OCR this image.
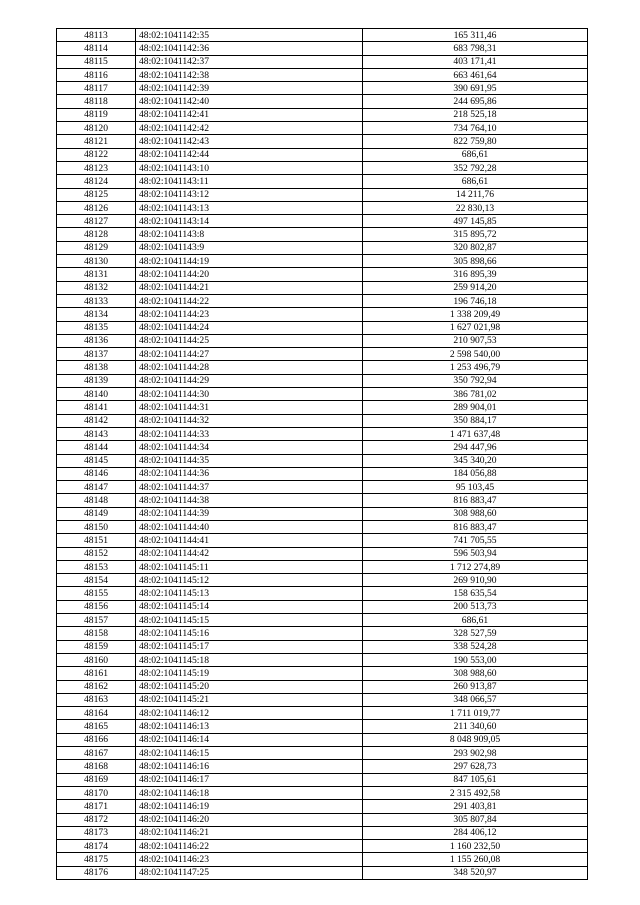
48113	48:02:1041142:35	165 311,46
48114	48:02:1041142:36	683 798,31
48115	48:02:1041142:37	403 171,41
48116	48:02:1041142:38	663 461,64
48117	48:02:1041142:39	390 691,95
48118	48:02:1041142:40	244 695,86
48119	48:02:1041142:41	218 525,18
48120	48:02:1041142:42	734 764,10
48121	48:02:1041142:43	822 759,80
48122	48:02:1041142:44	686,61
48123	48:02:1041143:10	352 792,28
48124	48:02:1041143:11	686,61
48125	48:02:1041143:12	14 211,76
48126	48:02:1041143:13	22 830,13
48127	48:02:1041143:14	497 145,85
48128	48:02:1041143:8	315 895,72
48129	48:02:1041143:9	320 802,87
48130	48:02:1041144:19	305 898,66
48131	48:02:1041144:20	316 895,39
48132	48:02:1041144:21	259 914,20
48133	48:02:1041144:22	196 746,18
48134	48:02:1041144:23	1 338 209,49
48135	48:02:1041144:24	1 627 021,98
48136	48:02:1041144:25	210 907,53
48137	48:02:1041144:27	2 598 540,00
48138	48:02:1041144:28	1 253 496,79
48139	48:02:1041144:29	350 792,94
48140	48:02:1041144:30	386 781,02
48141	48:02:1041144:31	289 904,01
48142	48:02:1041144:32	350 884,17
48143	48:02:1041144:33	1 471 637,48
48144	48:02:1041144:34	294 447,96
48145	48:02:1041144:35	345 340,20
48146	48:02:1041144:36	184 056,88
48147	48:02:1041144:37	95 103,45
48148	48:02:1041144:38	816 883,47
48149	48:02:1041144:39	308 988,60
48150	48:02:1041144:40	816 883,47
48151	48:02:1041144:41	741 705,55
48152	48:02:1041144:42	596 503,94
48153	48:02:1041145:11	1 712 274,89
48154	48:02:1041145:12	269 910,90
48155	48:02:1041145:13	158 635,54
48156	48:02:1041145:14	200 513,73
48157	48:02:1041145:15	686,61
48158	48:02:1041145:16	328 527,59
48159	48:02:1041145:17	338 524,28
48160	48:02:1041145:18	190 553,00
48161	48:02:1041145:19	308 988,60
48162	48:02:1041145:20	260 913,87
48163	48:02:1041145:21	348 066,57
48164	48:02:1041146:12	1 711 019,77
48165	48:02:1041146:13	211 340,60
48166	48:02:1041146:14	8 048 909,05
48167	48:02:1041146:15	293 902,98
48168	48:02:1041146:16	297 628,73
48169	48:02:1041146:17	847 105,61
48170	48:02:1041146:18	2 315 492,58
48171	48:02:1041146:19	291 403,81
48172	48:02:1041146:20	305 807,84
48173	48:02:1041146:21	284 406,12
48174	48:02:1041146:22	1 160 232,50
48175	48:02:1041146:23	1 155 260,08
48176	48:02:1041147:25	348 520,97
